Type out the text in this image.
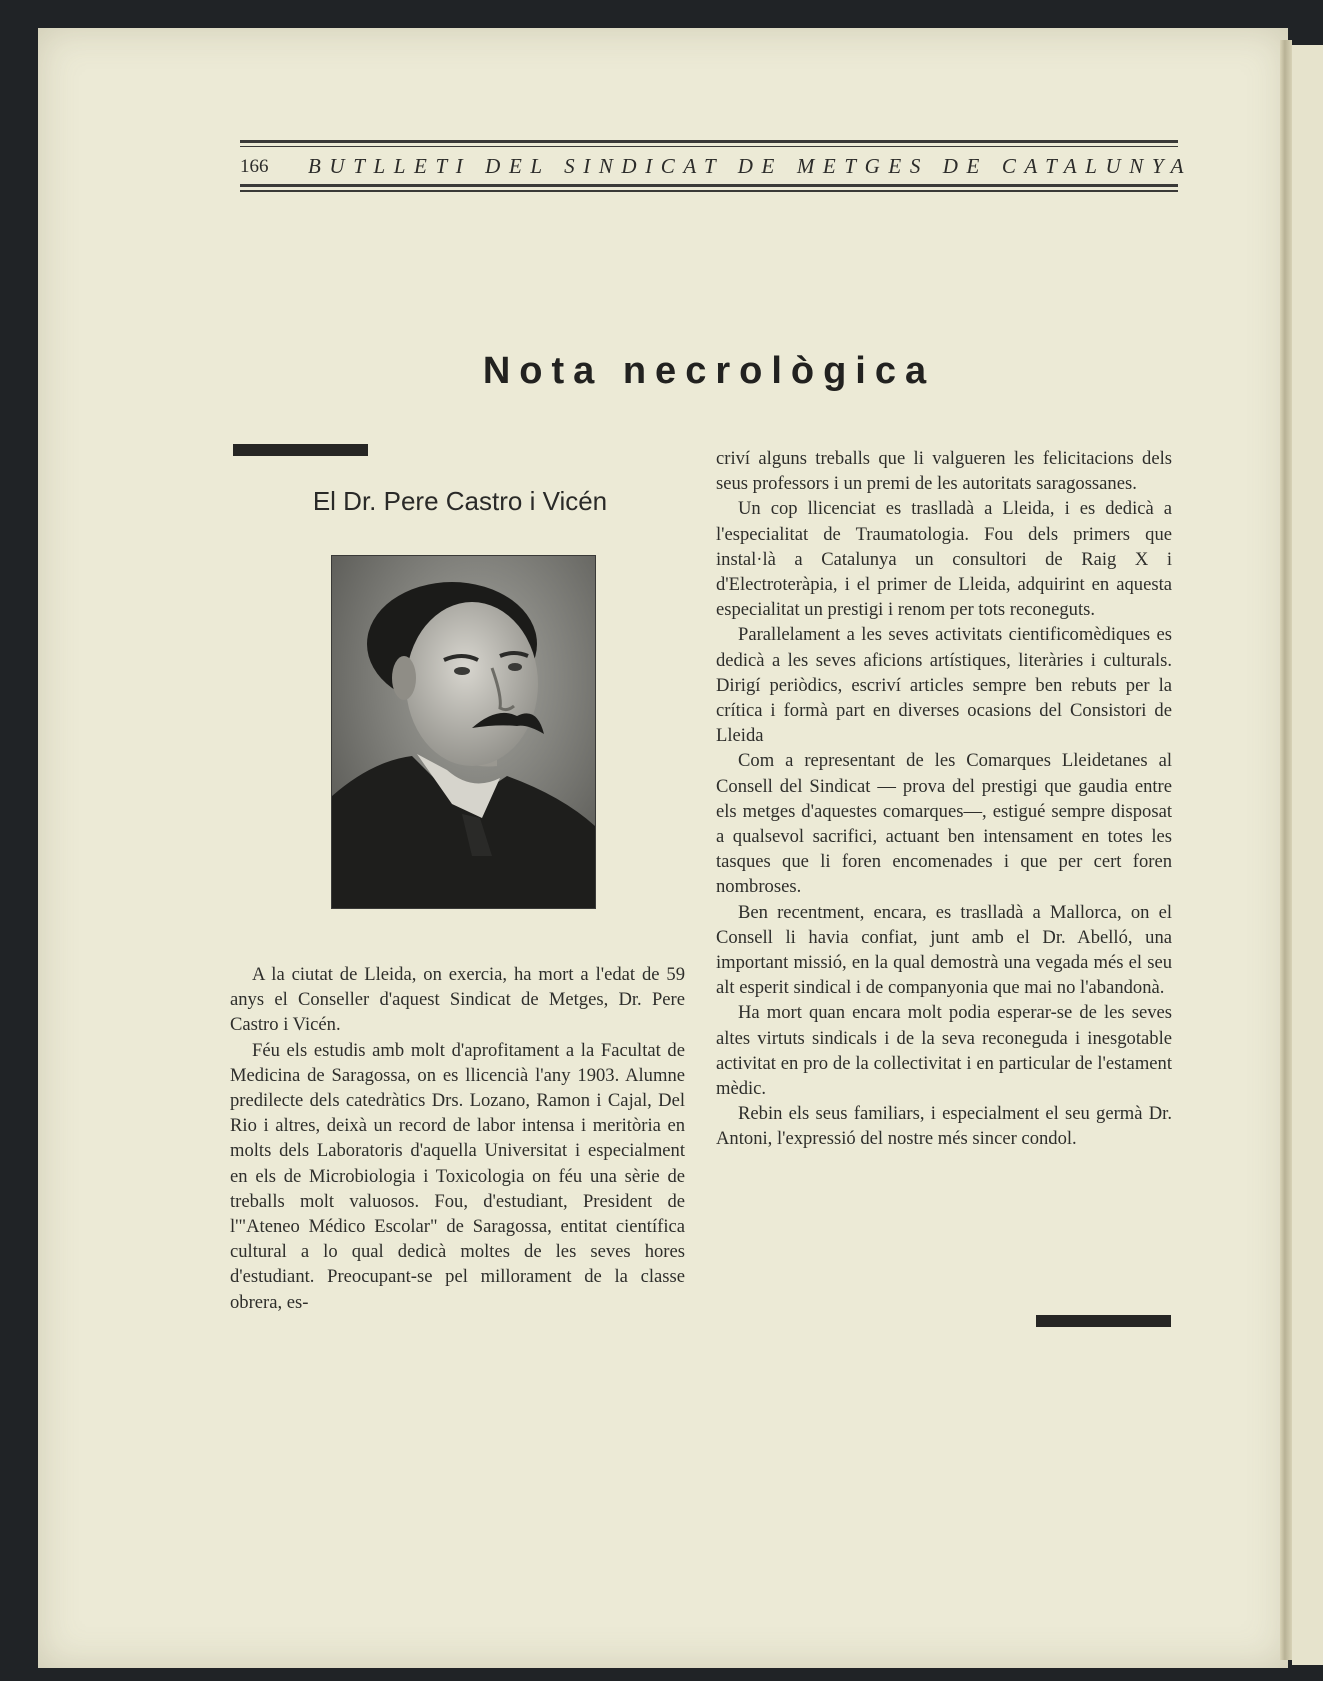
166 BUTLLETI DEL SINDICAT DE METGES DE CATALUNYA
Nota necrològica
El Dr. Pere Castro i Vicén

A la ciutat de Lleida, on exercia, ha mort a l'edat de 59 anys el Conseller d'aquest Sindicat de Metges, Dr. Pere Castro i Vicén.

Féu els estudis amb molt d'aprofitament a la Facultat de Medicina de Saragossa, on es llicencià l'any 1903. Alumne predilecte dels catedràtics Drs. Lozano, Ramon i Cajal, Del Rio i altres, deixà un record de labor intensa i meritòria en molts dels Laboratoris d'aquella Universitat i especialment en els de Microbiologia i Toxicologia on féu una sèrie de treballs molt valuosos. Fou, d'estudiant, President de l'"Ateneo Médico Escolar" de Saragossa, entitat científica cultural a lo qual dedicà moltes de les seves hores d'estudiant. Preocupant-se pel millorament de la classe obrera, es-

criví alguns treballs que li valgueren les felicitacions dels seus professors i un premi de les autoritats saragossanes.

Un cop llicenciat es traslladà a Lleida, i es dedicà a l'especialitat de Traumatologia. Fou dels primers que instal·là a Catalunya un consultori de Raig X i d'Electroteràpia, i el primer de Lleida, adquirint en aquesta especialitat un prestigi i renom per tots reconeguts.

Parallelament a les seves activitats cientificomèdiques es dedicà a les seves aficions artístiques, literàries i culturals. Dirigí periòdics, escriví articles sempre ben rebuts per la crítica i formà part en diverses ocasions del Consistori de Lleida

Com a representant de les Comarques Lleidetanes al Consell del Sindicat — prova del prestigi que gaudia entre els metges d'aquestes comarques—, estigué sempre disposat a qualsevol sacrifici, actuant ben intensament en totes les tasques que li foren encomenades i que per cert foren nombroses.

Ben recentment, encara, es traslladà a Mallorca, on el Consell li havia confiat, junt amb el Dr. Abelló, una important missió, en la qual demostrà una vegada més el seu alt esperit sindical i de companyonia que mai no l'abandonà.

Ha mort quan encara molt podia esperar-se de les seves altes virtuts sindicals i de la seva reconeguda i inesgotable activitat en pro de la collectivitat i en particular de l'estament mèdic.

Rebin els seus familiars, i especialment el seu germà Dr. Antoni, l'expressió del nostre més sincer condol.
